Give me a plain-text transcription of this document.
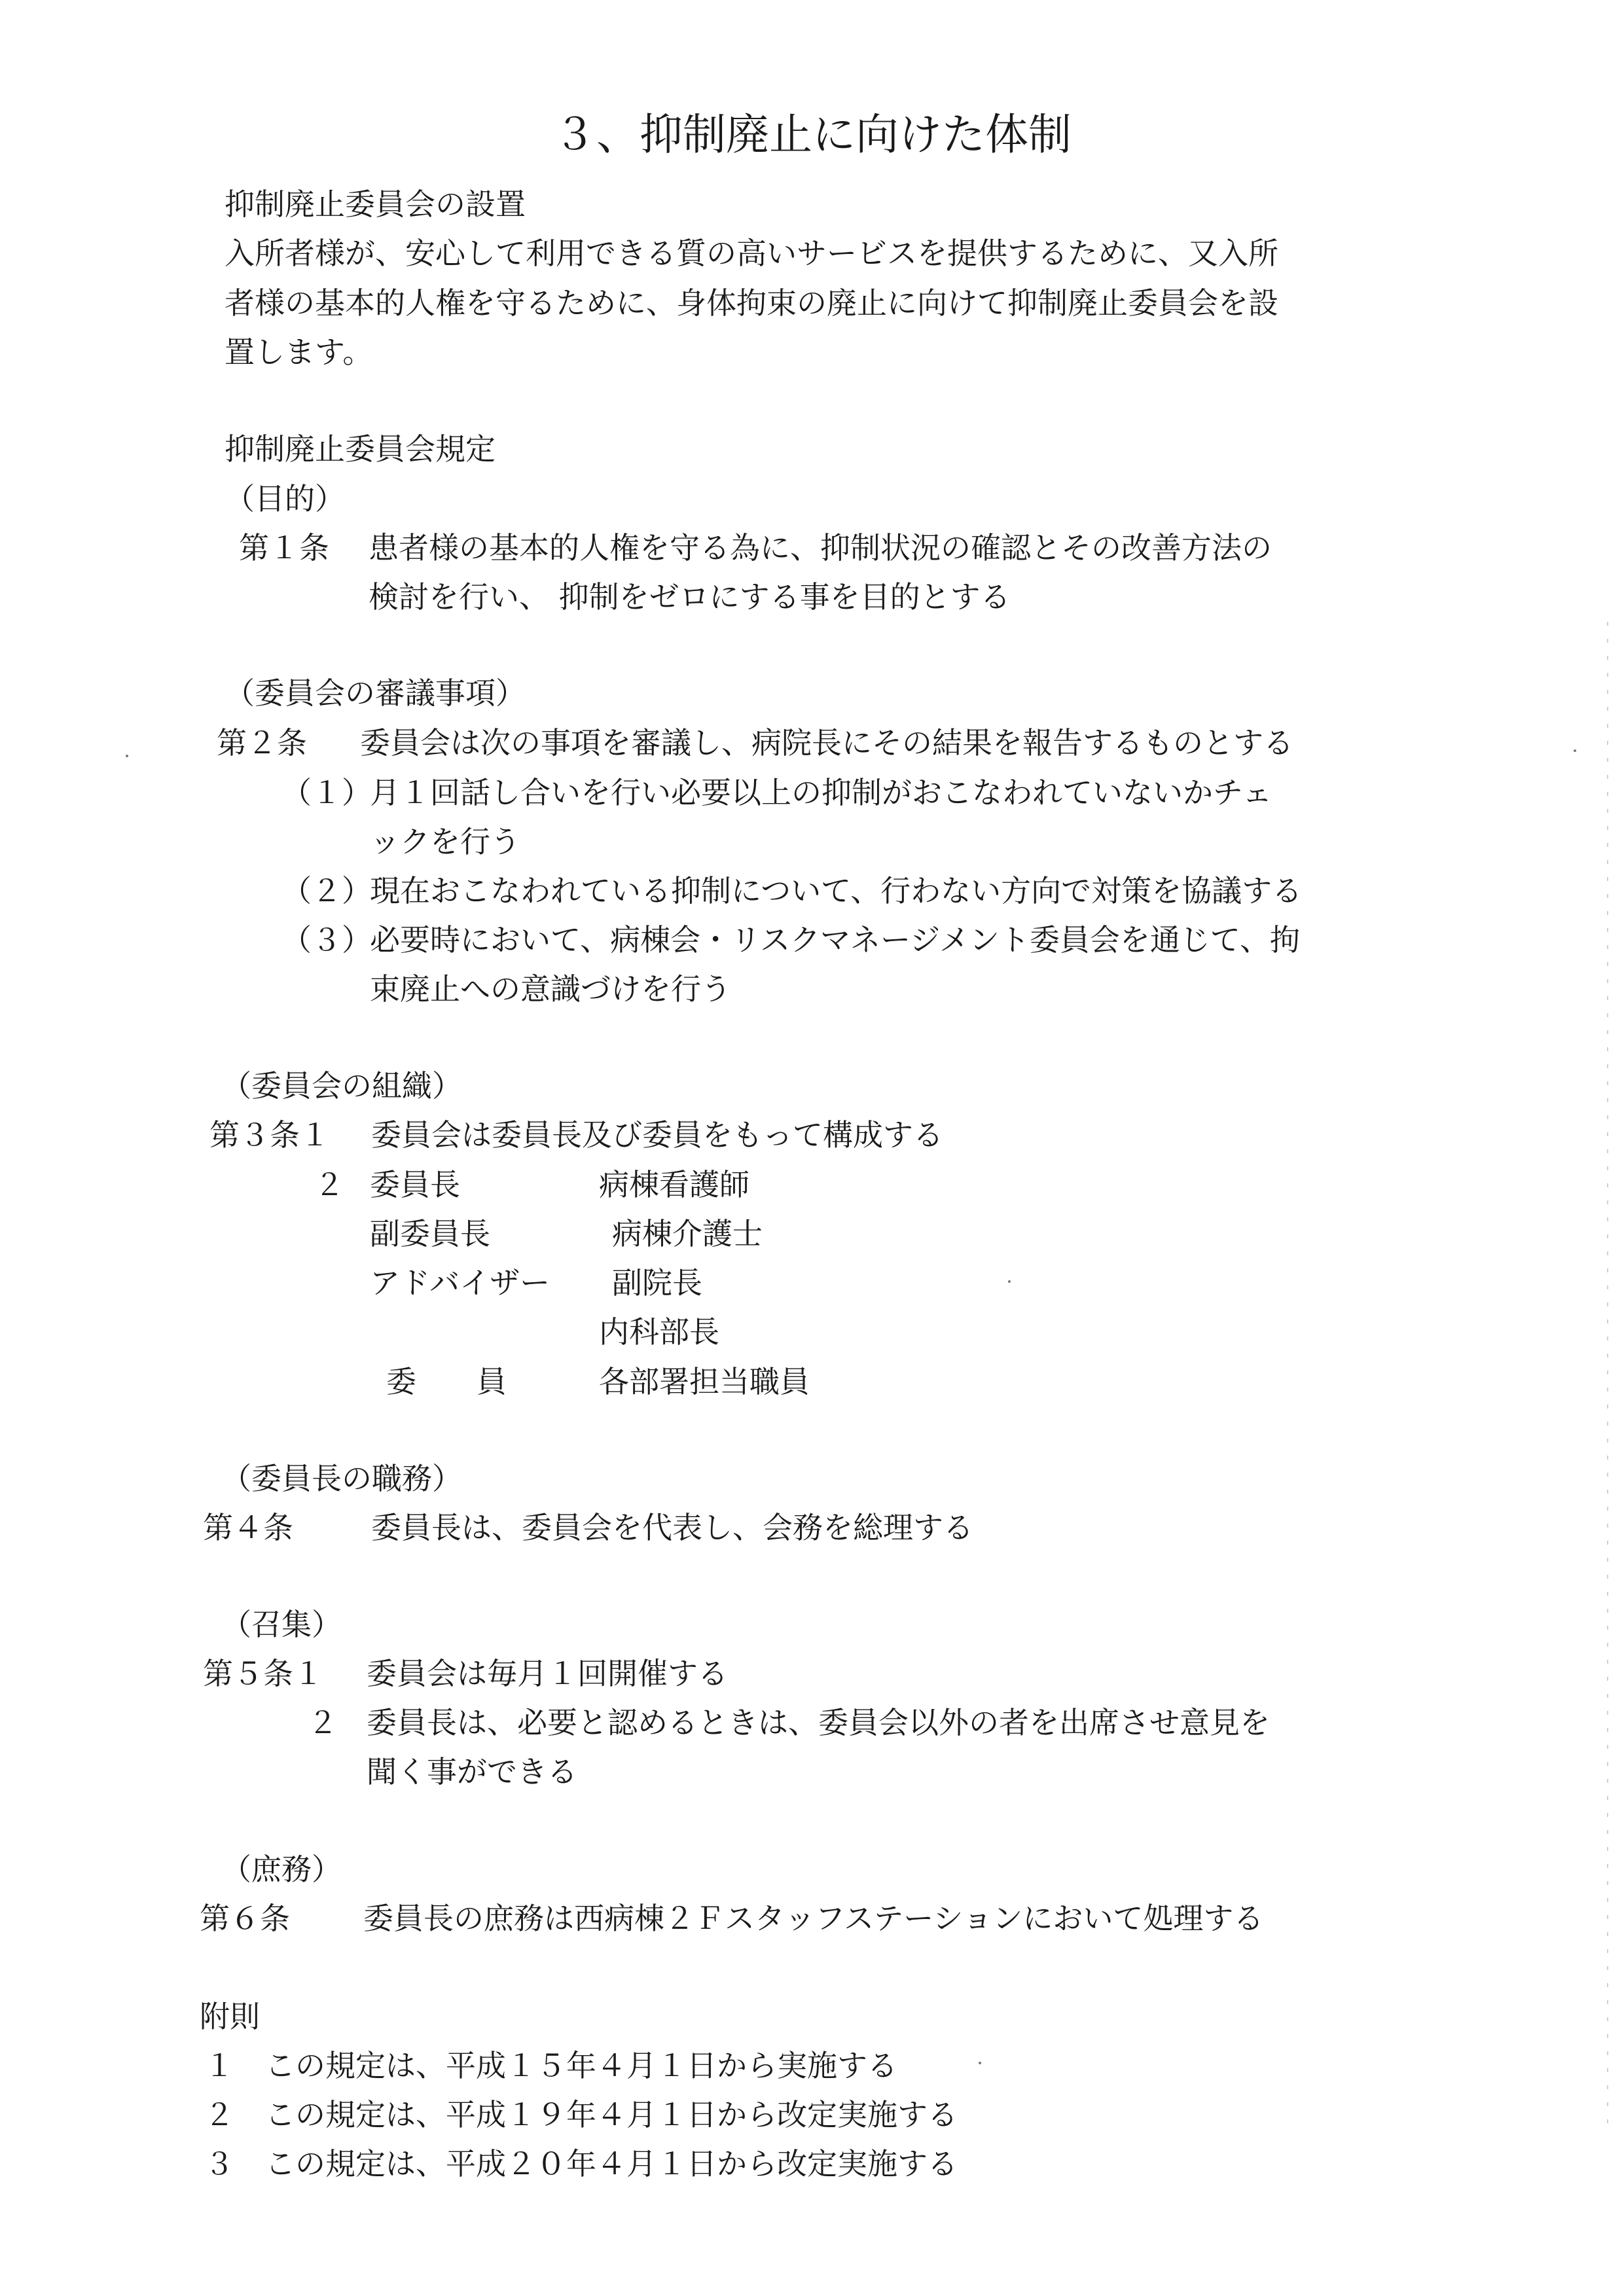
３、抑制廃止に向けた体制
抑制廃止委員会の設置
入所者様が、安心して利用できる質の高いサービスを提供するために、又入所
者様の基本的人権を守るために、身体拘束の廃止に向けて抑制廃止委員会を設
置します。
抑制廃止委員会規定
（目的）
第１条 患者様の基本的人権を守る為に、抑制状況の確認とその改善方法の
検討を行い、 抑制をゼロにする事を目的とする
（委員会の審議事項）
第２条 委員会は次の事項を審議し、病院長にその結果を報告するものとする
（１）
月１回話し合いを行い必要以上の抑制がおこなわれていないかチェ
ックを行う
（２）
現在おこなわれている抑制について、行わない方向で対策を協議する
（３）
必要時において、病棟会・リスクマネージメント委員会を通じて、拘
束廃止への意識づけを行う
（委員会の組織）
第３条１ 委員会は委員長及び委員をもって構成する
２ 委員長	病棟看護師
副委員長	病棟介護士
アドバイザー 副院長
内科部長
委　　員	各部署担当職員
（委員長の職務）
第４条	委員長は、委員会を代表し、会務を総理する
（召集）
第５条１ 委員会は毎月１回開催する
２ 委員長は、必要と認めるときは、委員会以外の者を出席させ意見を
聞く事ができる
（庶務）
第６条 委員長の庶務は西病棟２Ｆスタッフステーションにおいて処理する
附則
１ この規定は、平成１５年４月１日から実施する
２ この規定は、平成１９年４月１日から改定実施する
３ この規定は、平成２０年４月１日から改定実施する
